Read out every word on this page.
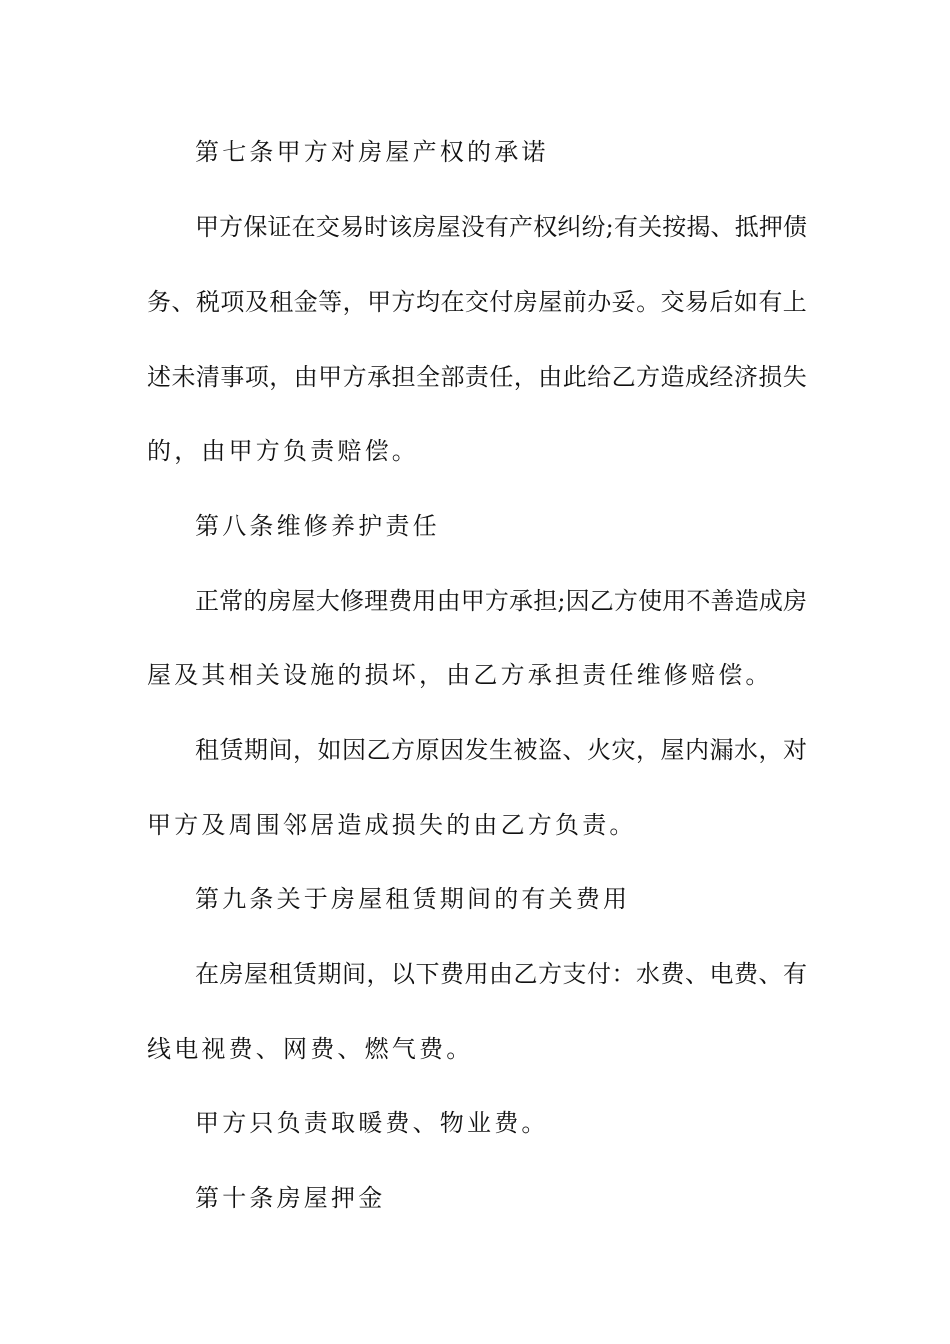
第七条甲方对房屋产权的承诺
甲 方 保 证 在 交 易 时 该 房 屋 没 有 产 权 纠 纷 ; 有 关 按 揭 、 抵 押 债
务 、 税 项 及 租 金 等 ， 甲 方 均 在 交 付 房 屋 前 办 妥 。 交 易 后 如 有 上
述 未 清 事 项 ， 由 甲 方 承 担 全 部 责 任 ， 由 此 给 乙 方 造 成 经 济 损 失
的，由甲方负责赔偿。
第八条维修养护责任
正 常 的 房 屋 大 修 理 费 用 由 甲 方 承 担 ; 因 乙 方 使 用 不 善 造 成 房
屋及其相关设施的损坏，由乙方承担责任维修赔偿。
租 赁 期 间 ， 如 因 乙 方 原 因 发 生 被 盗 、 火 灾 ， 屋 内 漏 水 ， 对
甲方及周围邻居造成损失的由乙方负责。
第九条关于房屋租赁期间的有关费用
在 房 屋 租 赁 期 间 ， 以 下 费 用 由 乙 方 支 付 ： 水 费 、 电 费 、 有
线电视费、网费、燃气费。
甲方只负责取暖费、物业费。
第十条房屋押金
